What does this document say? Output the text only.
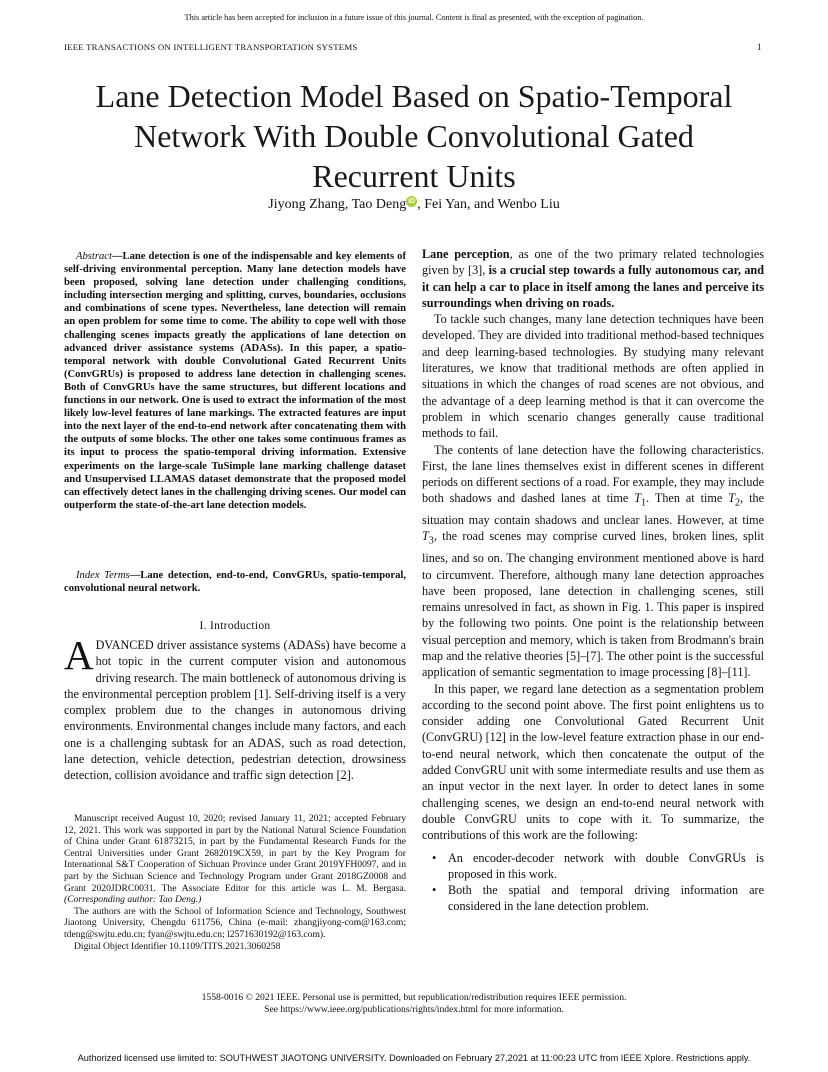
This article has been accepted for inclusion in a future issue of this journal. Content is final as presented, with the exception of pagination.
IEEE TRANSACTIONS ON INTELLIGENT TRANSPORTATION SYSTEMS	1
Lane Detection Model Based on Spatio-Temporal Network With Double Convolutional Gated Recurrent Units
Jiyong Zhang, Tao Deng iD , Fei Yan, and Wenbo Liu

Abstract—Lane detection is one of the indispensable and key elements of self-driving environmental perception. Many lane detection models have been proposed, solving lane detection under challenging conditions, including intersection merging and splitting, curves, boundaries, occlusions and combinations of scene types. Nevertheless, lane detection will remain an open problem for some time to come. The ability to cope well with those challenging scenes impacts greatly the applications of lane detection on advanced driver assistance systems (ADASs). In this paper, a spatio-temporal network with double Convolutional Gated Recurrent Units (ConvGRUs) is proposed to address lane detection in challenging scenes. Both of ConvGRUs have the same structures, but different locations and functions in our network. One is used to extract the information of the most likely low-level features of lane markings. The extracted features are input into the next layer of the end-to-end network after concatenating them with the outputs of some blocks. The other one takes some continuous frames as its input to process the spatio-temporal driving information. Extensive experiments on the large-scale TuSimple lane marking challenge dataset and Unsupervised LLAMAS dataset demonstrate that the proposed model can effectively detect lanes in the challenging driving scenes. Our model can outperform the state-of-the-art lane detection models.

Index Terms—Lane detection, end-to-end, ConvGRUs, spatio-temporal, convolutional neural network.

I. Introduction

ADVANCED driver assistance systems (ADASs) have become a hot topic in the current computer vision and autonomous driving research. The main bottleneck of autonomous driving is the environmental perception problem [1]. Self-driving itself is a very complex problem due to the changes in autonomous driving environments. Environmental changes include many factors, and each one is a challenging subtask for an ADAS, such as road detection, lane detection, vehicle detection, pedestrian detection, drowsiness detection, collision avoidance and traffic sign detection [2].

Manuscript received August 10, 2020; revised January 11, 2021; accepted February 12, 2021. This work was supported in part by the National Natural Science Foundation of China under Grant 61873215, in part by the Fundamental Research Funds for the Central Universities under Grant 2682019CX59, in part by the Key Program for International S&T Cooperation of Sichuan Province under Grant 2019YFH0097, and in part by the Sichuan Science and Technology Program under Grant 2018GZ0008 and Grant 2020JDRC0031. The Associate Editor for this article was L. M. Bergasa. (Corresponding author: Tao Deng.)

The authors are with the School of Information Science and Technology, Southwest Jiaotong University, Chengdu 611756, China (e-mail: zhangjiyong-com@163.com; tdeng@swjtu.edu.cn; fyan@swjtu.edu.cn; l2571630192@163.com).

Digital Object Identifier 10.1109/TITS.2021.3060258

Lane perception, as one of the two primary related technologies given by [3], is a crucial step towards a fully autonomous car, and it can help a car to place in itself among the lanes and perceive its surroundings when driving on roads.

To tackle such changes, many lane detection techniques have been developed. They are divided into traditional method-based techniques and deep learning-based technologies. By studying many relevant literatures, we know that traditional methods are often applied in situations in which the changes of road scenes are not obvious, and the advantage of a deep learning method is that it can overcome the problem in which scenario changes generally cause traditional methods to fail.

The contents of lane detection have the following characteristics. First, the lane lines themselves exist in different scenes in different periods on different sections of a road. For example, they may include both shadows and dashed lanes at time $T_1$. Then at time $T_2$, the situation may contain shadows and unclear lanes. However, at time $T_3$, the road scenes may comprise curved lines, broken lines, split lines, and so on. The changing environment mentioned above is hard to circumvent. Therefore, although many lane detection approaches have been proposed, lane detection in challenging scenes, still remains unresolved in fact, as shown in Fig. 1. This paper is inspired by the following two points. One point is the relationship between visual perception and memory, which is taken from Brodmann's brain map and the relative theories [5]–[7]. The other point is the successful application of semantic segmentation to image processing [8]–[11].

In this paper, we regard lane detection as a segmentation problem according to the second point above. The first point enlightens us to consider adding one Convolutional Gated Recurrent Unit (ConvGRU) [12] in the low-level feature extraction phase in our end-to-end neural network, which then concatenate the output of the added ConvGRU unit with some intermediate results and use them as an input vector in the next layer. In order to detect lanes in some challenging scenes, we design an end-to-end neural network with double ConvGRU units to cope with it. To summarize, the contributions of this work are the following:

• An encoder-decoder network with double ConvGRUs is proposed in this work.
• Both the spatial and temporal driving information are considered in the lane detection problem.
1558-0016 © 2021 IEEE. Personal use is permitted, but republication/redistribution requires IEEE permission.
See https://www.ieee.org/publications/rights/index.html for more information.
Authorized licensed use limited to: SOUTHWEST JIAOTONG UNIVERSITY. Downloaded on February 27,2021 at 11:00:23 UTC from IEEE Xplore. Restrictions apply.
